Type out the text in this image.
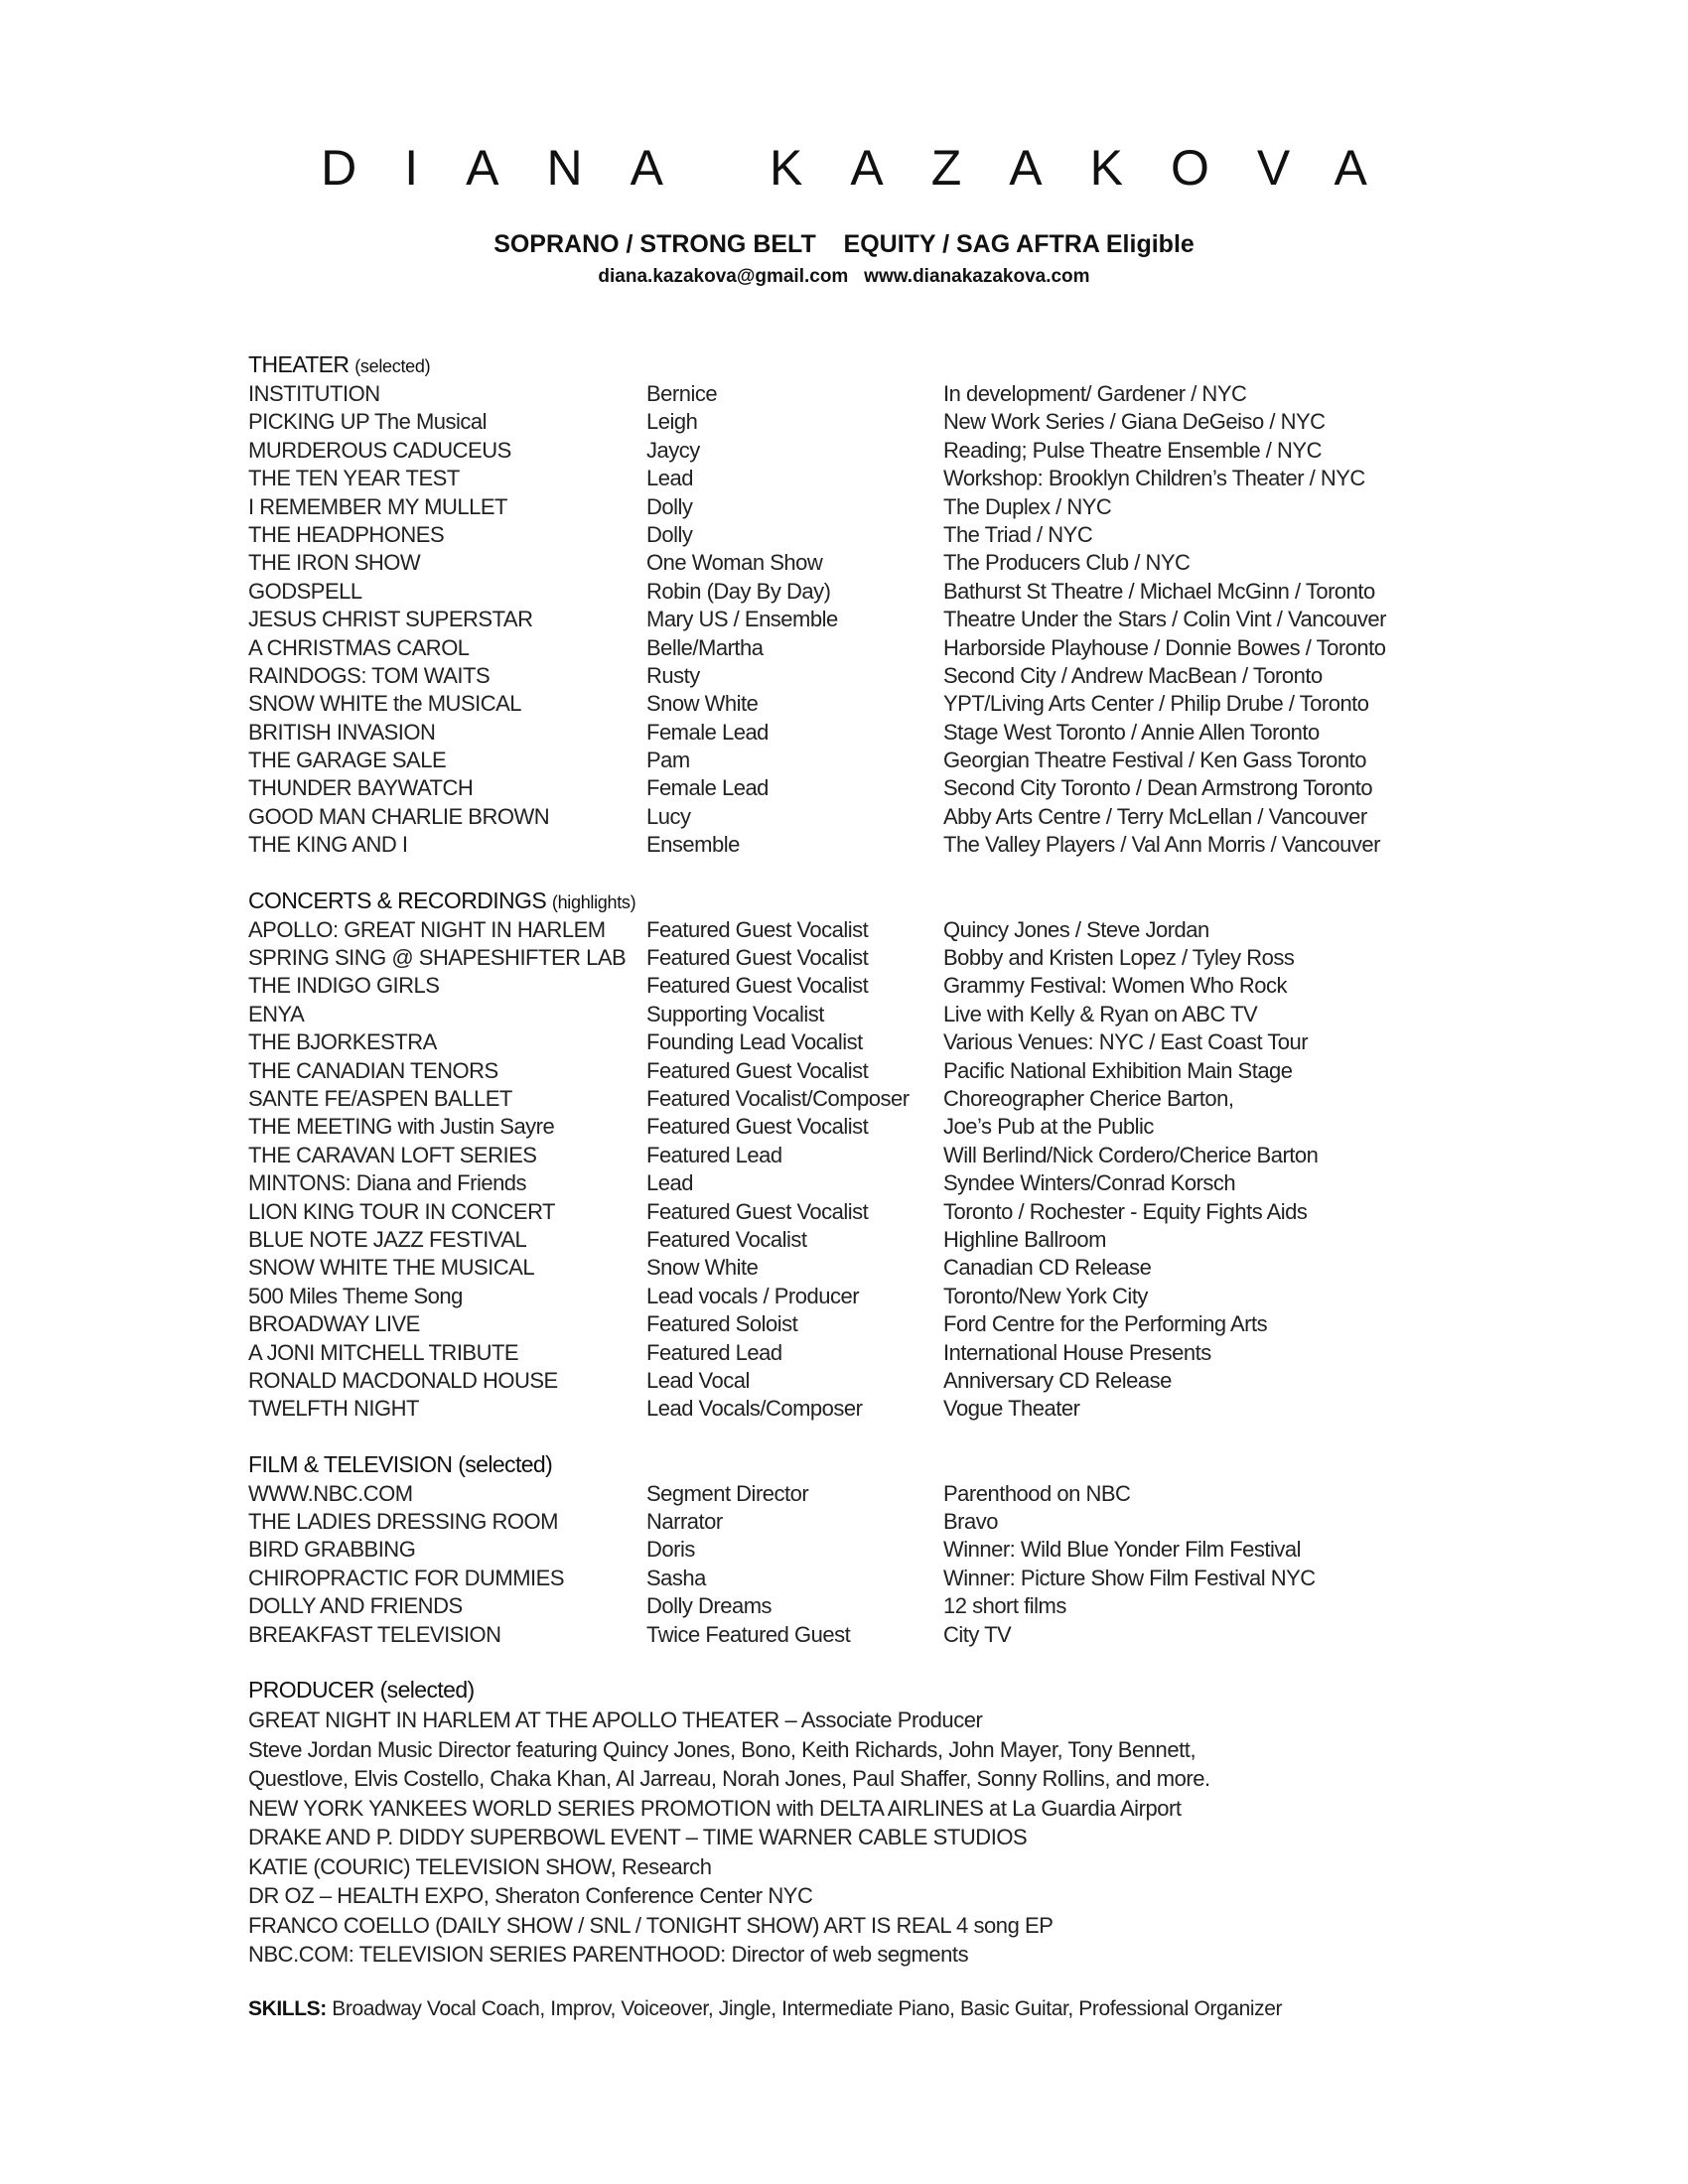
DIANA KAZAKOVA
SOPRANO / STRONG BELT    EQUITY / SAG AFTRA Eligible
diana.kazakova@gmail.com   www.dianakazakova.com
THEATER (selected)
INSTITUTION	Bernice	In development/ Gardener / NYC
PICKING UP The Musical	Leigh	New Work Series / Giana DeGeiso / NYC
MURDEROUS CADUCEUS	Jaycy	Reading; Pulse Theatre Ensemble / NYC
THE TEN YEAR TEST	Lead	Workshop: Brooklyn Children’s Theater / NYC
I REMEMBER MY MULLET	Dolly	The Duplex / NYC
THE HEADPHONES	Dolly	The Triad / NYC
THE IRON SHOW	One Woman Show	The Producers Club / NYC
GODSPELL	Robin (Day By Day)	Bathurst St Theatre / Michael McGinn / Toronto
JESUS CHRIST SUPERSTAR	Mary US / Ensemble	Theatre Under the Stars / Colin Vint / Vancouver
A CHRISTMAS CAROL	Belle/Martha	Harborside Playhouse / Donnie Bowes / Toronto
RAINDOGS: TOM WAITS	Rusty	Second City / Andrew MacBean / Toronto
SNOW WHITE the MUSICAL	Snow White	YPT/Living Arts Center / Philip Drube / Toronto
BRITISH INVASION	Female Lead	Stage West Toronto / Annie Allen Toronto
THE GARAGE SALE	Pam	Georgian Theatre Festival / Ken Gass Toronto
THUNDER BAYWATCH	Female Lead	Second City Toronto / Dean Armstrong Toronto
GOOD MAN CHARLIE BROWN	Lucy	Abby Arts Centre / Terry McLellan / Vancouver
THE KING AND I	Ensemble	The Valley Players / Val Ann Morris / Vancouver
CONCERTS & RECORDINGS (highlights)
APOLLO: GREAT NIGHT IN HARLEM	Featured Guest Vocalist	Quincy Jones / Steve Jordan
SPRING SING @ SHAPESHIFTER LAB Featured Guest Vocalist	Bobby and Kristen Lopez / Tyley Ross
THE INDIGO GIRLS	Featured Guest Vocalist	Grammy Festival: Women Who Rock
ENYA	Supporting Vocalist	Live with Kelly & Ryan on ABC TV
THE BJORKESTRA	Founding Lead Vocalist	Various Venues: NYC / East Coast Tour
THE CANADIAN TENORS	Featured Guest Vocalist	Pacific National Exhibition Main Stage
SANTE FE/ASPEN BALLET	Featured Vocalist/Composer	Choreographer Cherice Barton,
THE MEETING with Justin Sayre	Featured Guest Vocalist	Joe’s Pub at the Public
THE CARAVAN LOFT SERIES	Featured Lead	Will Berlind/Nick Cordero/Cherice Barton
MINTONS: Diana and Friends	Lead	Syndee Winters/Conrad Korsch
LION KING TOUR IN CONCERT	Featured Guest Vocalist	Toronto / Rochester - Equity Fights Aids
BLUE NOTE JAZZ FESTIVAL	Featured Vocalist	Highline Ballroom
SNOW WHITE THE MUSICAL	Snow White	Canadian CD Release
500 Miles Theme Song	Lead vocals / Producer	Toronto/New York City
BROADWAY LIVE	Featured Soloist	Ford Centre for the Performing Arts
A JONI MITCHELL TRIBUTE	Featured Lead	International House Presents
RONALD MACDONALD HOUSE	Lead Vocal	Anniversary CD Release
TWELFTH NIGHT	Lead Vocals/Composer	Vogue Theater
FILM & TELEVISION (selected)
WWW.NBC.COM	Segment Director	Parenthood on NBC
THE LADIES DRESSING ROOM	Narrator	Bravo
BIRD GRABBING	Doris	Winner: Wild Blue Yonder Film Festival
CHIROPRACTIC FOR DUMMIES	Sasha	Winner: Picture Show Film Festival NYC
DOLLY AND FRIENDS	Dolly Dreams	12 short films
BREAKFAST TELEVISION	Twice Featured Guest	City TV
PRODUCER (selected)
GREAT NIGHT IN HARLEM AT THE APOLLO THEATER – Associate Producer
Steve Jordan Music Director featuring Quincy Jones, Bono, Keith Richards, John Mayer, Tony Bennett,
Questlove, Elvis Costello, Chaka Khan, Al Jarreau, Norah Jones, Paul Shaffer, Sonny Rollins, and more.
NEW YORK YANKEES WORLD SERIES PROMOTION with DELTA AIRLINES at La Guardia Airport
DRAKE AND P. DIDDY SUPERBOWL EVENT – TIME WARNER CABLE STUDIOS
KATIE (COURIC) TELEVISION SHOW, Research
DR OZ – HEALTH EXPO, Sheraton Conference Center NYC
FRANCO COELLO (DAILY SHOW / SNL / TONIGHT SHOW) ART IS REAL 4 song EP
NBC.COM: TELEVISION SERIES PARENTHOOD: Director of web segments
SKILLS: Broadway Vocal Coach, Improv, Voiceover, Jingle, Intermediate Piano, Basic Guitar, Professional Organizer
